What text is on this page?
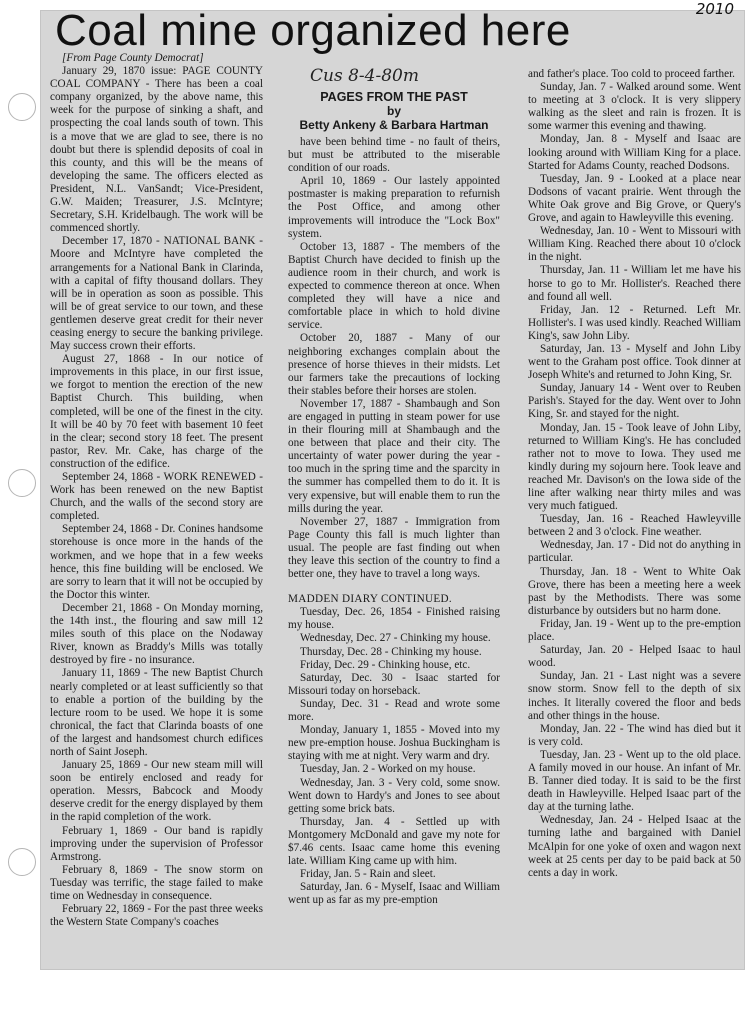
2010
Coal mine organized here

[From Page County Democrat]

January 29, 1870 issue: PAGE COUNTY COAL COMPANY - There has been a coal company organized, by the above name, this week for the purpose of sinking a shaft, and prospecting the coal lands south of town. This is a move that we are glad to see, there is no doubt but there is splendid deposits of coal in this county, and this will be the means of developing the same. The officers elected as President, N.L. VanSandt; Vice-President, G.W. Maiden; Treasurer, J.S. McIntyre; Secretary, S.H. Kridelbaugh. The work will be commenced shortly.

December 17, 1870 - NATIONAL BANK - Moore and McIntyre have completed the arrangements for a National Bank in Clarinda, with a capital of fifty thousand dollars. They will be in operation as soon as possible. This will be of great service to our town, and these gentlemen deserve great credit for their never ceasing energy to secure the banking privilege. May success crown their efforts.

August 27, 1868 - In our notice of improvements in this place, in our first issue, we forgot to mention the erection of the new Baptist Church. This building, when completed, will be one of the finest in the city. It will be 40 by 70 feet with basement 10 feet in the clear; second story 18 feet. The present pastor, Rev. Mr. Cake, has charge of the construction of the edifice.

September 24, 1868 - WORK RENEWED - Work has been renewed on the new Baptist Church, and the walls of the second story are completed.

September 24, 1868 - Dr. Conines handsome storehouse is once more in the hands of the workmen, and we hope that in a few weeks hence, this fine building will be enclosed. We are sorry to learn that it will not be occupied by the Doctor this winter.

December 21, 1868 - On Monday morning, the 14th inst., the flouring and saw mill 12 miles south of this place on the Nodaway River, known as Braddy's Mills was totally destroyed by fire - no insurance.

January 11, 1869 - The new Baptist Church nearly completed or at least sufficiently so that to enable a portion of the building by the lecture room to be used. We hope it is some chronical, the fact that Clarinda boasts of one of the largest and handsomest church edifices north of Saint Joseph.

January 25, 1869 - Our new steam mill will soon be entirely enclosed and ready for operation. Messrs, Babcock and Moody deserve credit for the energy displayed by them in the rapid completion of the work.

February 1, 1869 - Our band is rapidly improving under the supervision of Professor Armstrong.

February 8, 1869 - The snow storm on Tuesday was terrific, the stage failed to make time on Wednesday in consequence.

February 22, 1869 - For the past three weeks the Western State Company's coaches

Cus 8-4-80m
PAGES FROM THE PAST
by
Betty Ankeny & Barbara Hartman

have been behind time - no fault of theirs, but must be attributed to the miserable condition of our roads.

April 10, 1869 - Our lastely appointed postmaster is making preparation to refurnish the Post Office, and among other improvements will introduce the "Lock Box" system.

October 13, 1887 - The members of the Baptist Church have decided to finish up the audience room in their church, and work is expected to commence thereon at once. When completed they will have a nice and comfortable place in which to hold divine service.

October 20, 1887 - Many of our neighboring exchanges complain about the presence of horse thieves in their midsts. Let our farmers take the precautions of locking their stables before their horses are stolen.

November 17, 1887 - Shambaugh and Son are engaged in putting in steam power for use in their flouring mill at Shambaugh and the one between that place and their city. The uncertainty of water power during the year - too much in the spring time and the sparcity in the summer has compelled them to do it. It is very expensive, but will enable them to run the mills during the year.

November 27, 1887 - Immigration from Page County this fall is much lighter than usual. The people are fast finding out when they leave this section of the country to find a better one, they have to travel a long ways.

MADDEN DIARY CONTINUED.

Tuesday, Dec. 26, 1854 - Finished raising my house.

Wednesday, Dec. 27 - Chinking my house.

Thursday, Dec. 28 - Chinking my house.

Friday, Dec. 29 - Chinking house, etc.

Saturday, Dec. 30 - Isaac started for Missouri today on horseback.

Sunday, Dec. 31 - Read and wrote some more.

Monday, January 1, 1855 - Moved into my new pre-emption house. Joshua Buckingham is staying with me at night. Very warm and dry.

Tuesday, Jan. 2 - Worked on my house.

Wednesday, Jan. 3 - Very cold, some snow. Went down to Hardy's and Jones to see about getting some brick bats.

Thursday, Jan. 4 - Settled up with Montgomery McDonald and gave my note for $7.46 cents. Isaac came home this evening late. William King came up with him.

Friday, Jan. 5 - Rain and sleet.

Saturday, Jan. 6 - Myself, Isaac and William went up as far as my pre-emption

and father's place. Too cold to proceed farther.

Sunday, Jan. 7 - Walked around some. Went to meeting at 3 o'clock. It is very slippery walking as the sleet and rain is frozen. It is some warmer this evening and thawing.

Monday, Jan. 8 - Myself and Isaac are looking around with William King for a place. Started for Adams County, reached Dodsons.

Tuesday, Jan. 9 - Looked at a place near Dodsons of vacant prairie. Went through the White Oak grove and Big Grove, or Query's Grove, and again to Hawleyville this evening.

Wednesday, Jan. 10 - Went to Missouri with William King. Reached there about 10 o'clock in the night.

Thursday, Jan. 11 - William let me have his horse to go to Mr. Hollister's. Reached there and found all well.

Friday, Jan. 12 - Returned. Left Mr. Hollister's. I was used kindly. Reached William King's, saw John Liby.

Saturday, Jan. 13 - Myself and John Liby went to the Graham post office. Took dinner at Joseph White's and returned to John King, Sr.

Sunday, January 14 - Went over to Reuben Parish's. Stayed for the day. Went over to John King, Sr. and stayed for the night.

Monday, Jan. 15 - Took leave of John Liby, returned to William King's. He has concluded rather not to move to Iowa. They used me kindly during my sojourn here. Took leave and reached Mr. Davison's on the Iowa side of the line after walking near thirty miles and was very much fatigued.

Tuesday, Jan. 16 - Reached Hawleyville between 2 and 3 o'clock. Fine weather.

Wednesday, Jan. 17 - Did not do anything in particular.

Thursday, Jan. 18 - Went to White Oak Grove, there has been a meeting here a week past by the Methodists. There was some disturbance by outsiders but no harm done.

Friday, Jan. 19 - Went up to the pre-emption place.

Saturday, Jan. 20 - Helped Isaac to haul wood.

Sunday, Jan. 21 - Last night was a severe snow storm. Snow fell to the depth of six inches. It literally covered the floor and beds and other things in the house.

Monday, Jan. 22 - The wind has died but it is very cold.

Tuesday, Jan. 23 - Went up to the old place. A family moved in our house. An infant of Mr. B. Tanner died today. It is said to be the first death in Hawleyville. Helped Isaac part of the day at the turning lathe.

Wednesday, Jan. 24 - Helped Isaac at the turning lathe and bargained with Daniel McAlpin for one yoke of oxen and wagon next week at 25 cents per day to be paid back at 50 cents a day in work.
